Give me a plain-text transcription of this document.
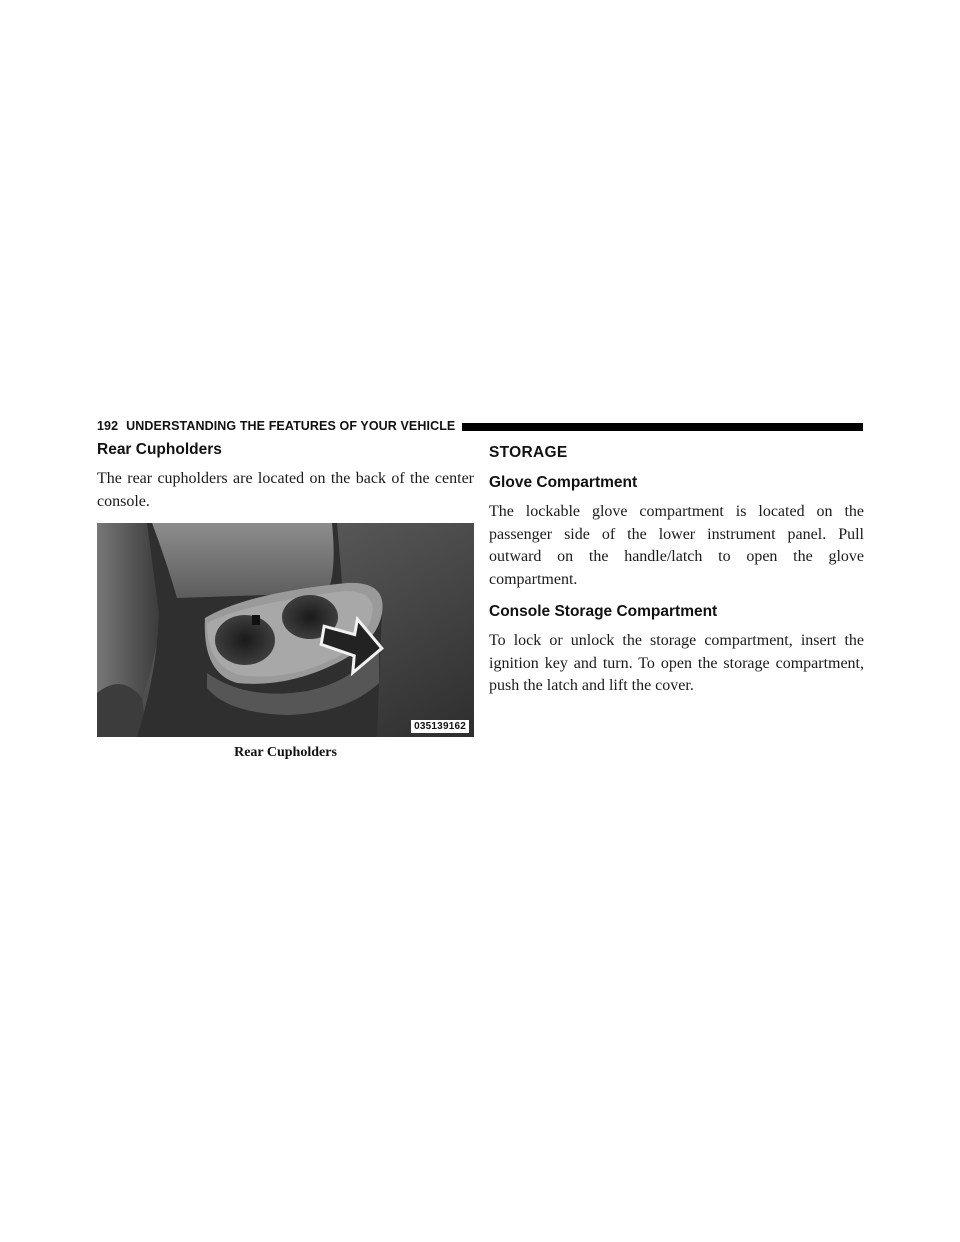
192 UNDERSTANDING THE FEATURES OF YOUR VEHICLE
Rear Cupholders

The rear cupholders are located on the back of the center console.

035139162
Rear Cupholders
STORAGE
Glove Compartment

The lockable glove compartment is located on the passenger side of the lower instrument panel. Pull outward on the handle/latch to open the glove compartment.

Console Storage Compartment

To lock or unlock the storage compartment, insert the ignition key and turn. To open the storage compartment, push the latch and lift the cover.
